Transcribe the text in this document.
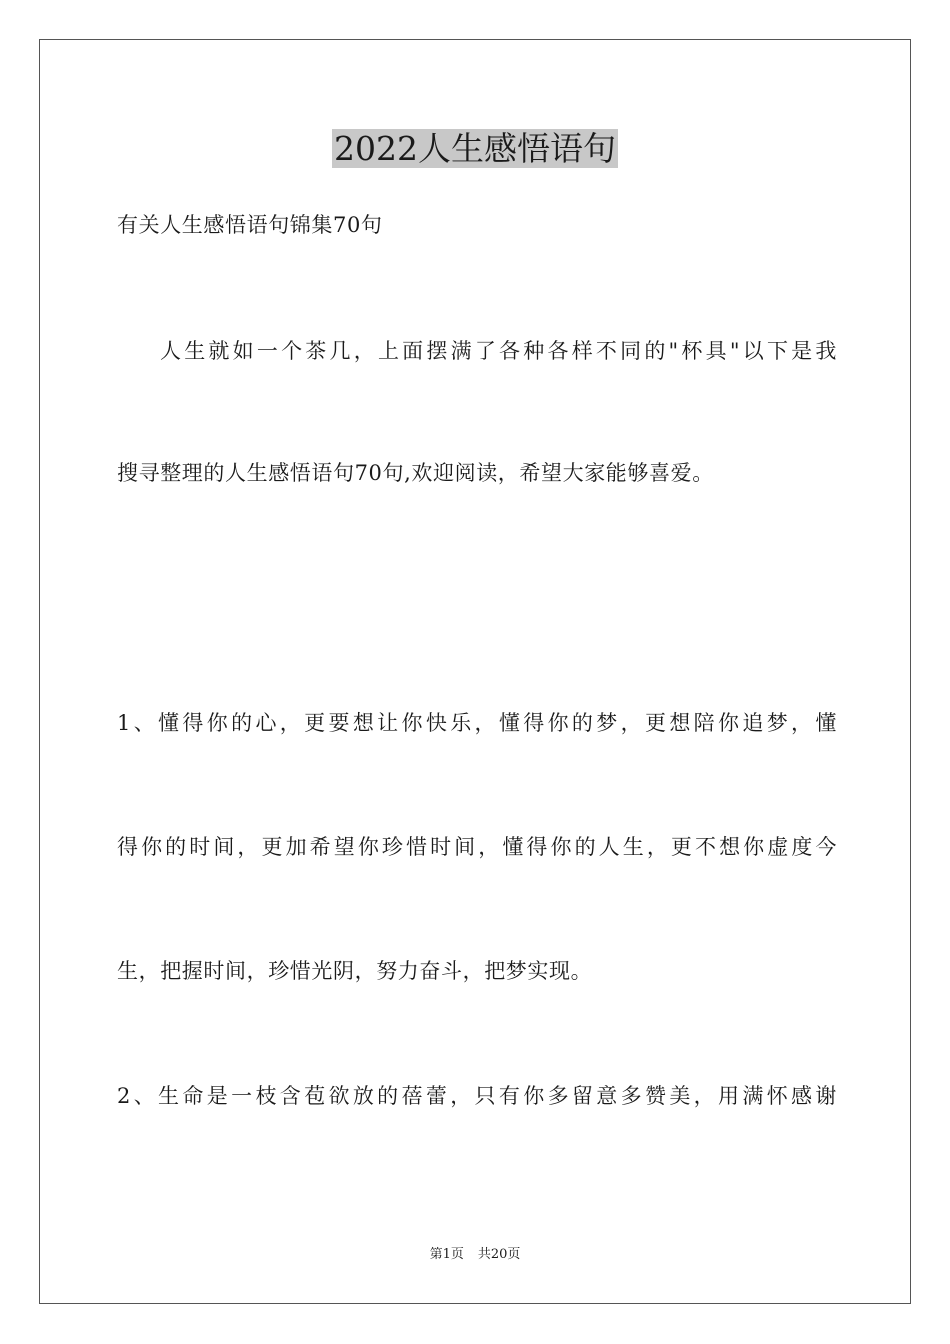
2022人生感悟语句
有关人生感悟语句锦集70句
人生就如一个茶几，上面摆满了各种各样不同的"杯具"以下是我
搜寻整理的人生感悟语句70句,欢迎阅读，希望大家能够喜爱。
1、懂得你的心，更要想让你快乐，懂得你的梦，更想陪你追梦，懂
得你的时间，更加希望你珍惜时间，懂得你的人生，更不想你虚度今
生，把握时间，珍惜光阴，努力奋斗，把梦实现。
2、生命是一枝含苞欲放的蓓蕾，只有你多留意多赞美，用满怀感谢
第1页 共20页
